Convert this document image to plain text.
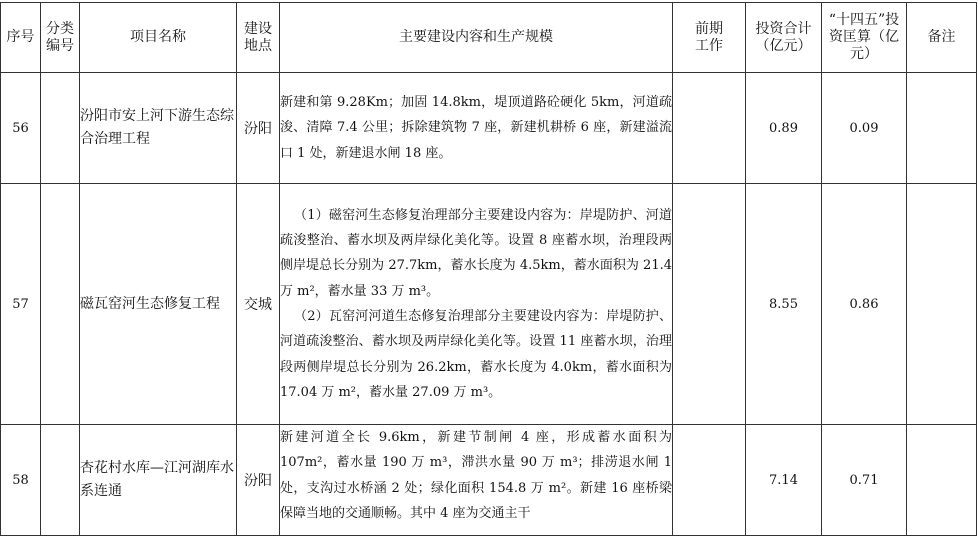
序号	分类编号	项目名称	建设地点	主要建设内容和生产规模	前期工作	投资合计（亿元）	“十四五”投资匡算（亿元）	备注
56		汾阳市安上河下游生态综合治理工程	汾阳	新建和第 9.28Km；加固 14.8km，堤顶道路砼硬化 5km，河道疏浚、清障 7.4 公里；拆除建筑物 7 座，新建机耕桥 6 座，新建溢流口 1 处，新建退水闸 18 座。		0.89	0.09	
57		磁瓦窑河生态修复工程	交城	（1）磁窑河生态修复治理部分主要建设内容为：岸堤防护、河道疏浚整治、蓄水坝及两岸绿化美化等。设置 8 座蓄水坝，治理段两侧岸堤总长分别为 27.7km，蓄水长度为 4.5km，蓄水面积为 21.4 万 m²，蓄水量 33 万 m³。
（2）瓦窑河河道生态修复治理部分主要建设内容为：岸堤防护、河道疏浚整治、蓄水坝及两岸绿化美化等。设置 11 座蓄水坝，治理段两侧岸堤总长分别为 26.2km，蓄水长度为 4.0km，蓄水面积为 17.04 万 m²，蓄水量 27.09 万 m³。		8.55	0.86	
58		杏花村水库—江河湖库水系连通	汾阳	新建河道全长 9.6km，新建节制闸 4 座，形成蓄水面积为 107m²，蓄水量 190 万 m³，滞洪水量 90 万 m³；排涝退水闸 1 处，支沟过水桥涵 2 处；绿化面积 154.8 万 m²。新建 16 座桥梁保障当地的交通顺畅。其中 4 座为交通主干		7.14	0.71	
